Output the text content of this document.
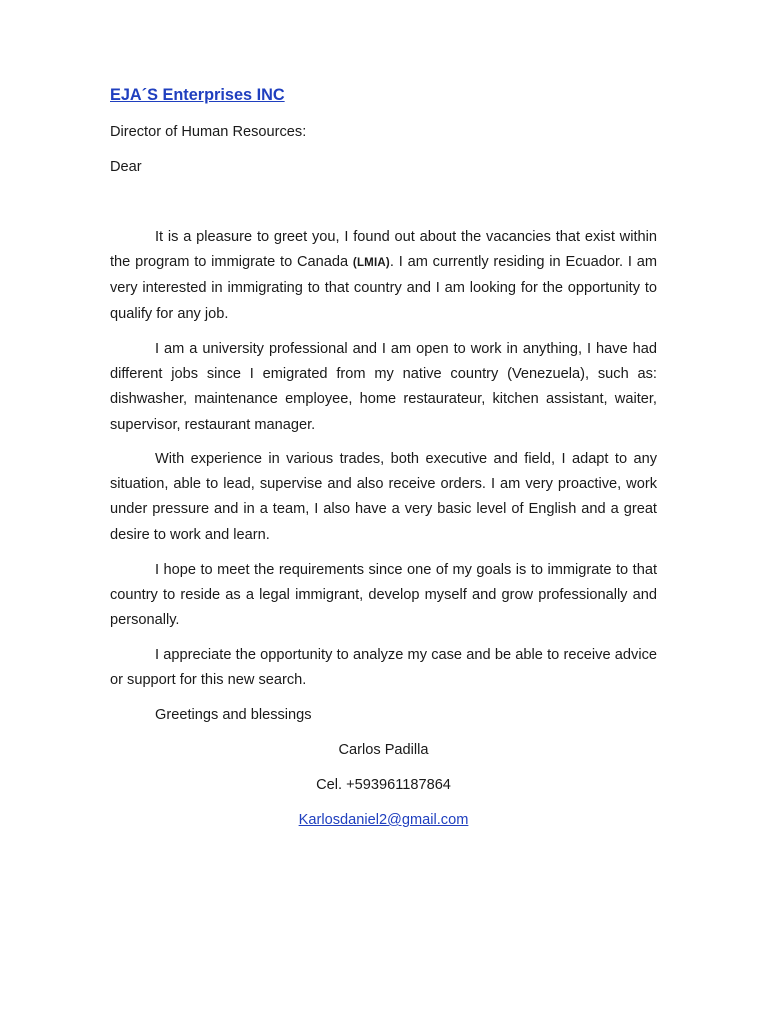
EJA´S Enterprises INC
Director of Human Resources:
Dear
It is a pleasure to greet you, I found out about the vacancies that exist within the program to immigrate to Canada (LMIA). I am currently residing in Ecuador. I am very interested in immigrating to that country and I am looking for the opportunity to qualify for any job.
I am a university professional and I am open to work in anything, I have had different jobs since I emigrated from my native country (Venezuela), such as: dishwasher, maintenance employee, home restaurateur, kitchen assistant, waiter, supervisor, restaurant manager.
With experience in various trades, both executive and field, I adapt to any situation, able to lead, supervise and also receive orders. I am very proactive, work under pressure and in a team, I also have a very basic level of English and a great desire to work and learn.
I hope to meet the requirements since one of my goals is to immigrate to that country to reside as a legal immigrant, develop myself and grow professionally and personally.
I appreciate the opportunity to analyze my case and be able to receive advice or support for this new search.
Greetings and blessings
Carlos Padilla
Cel. +593961187864
Karlosdaniel2@gmail.com
